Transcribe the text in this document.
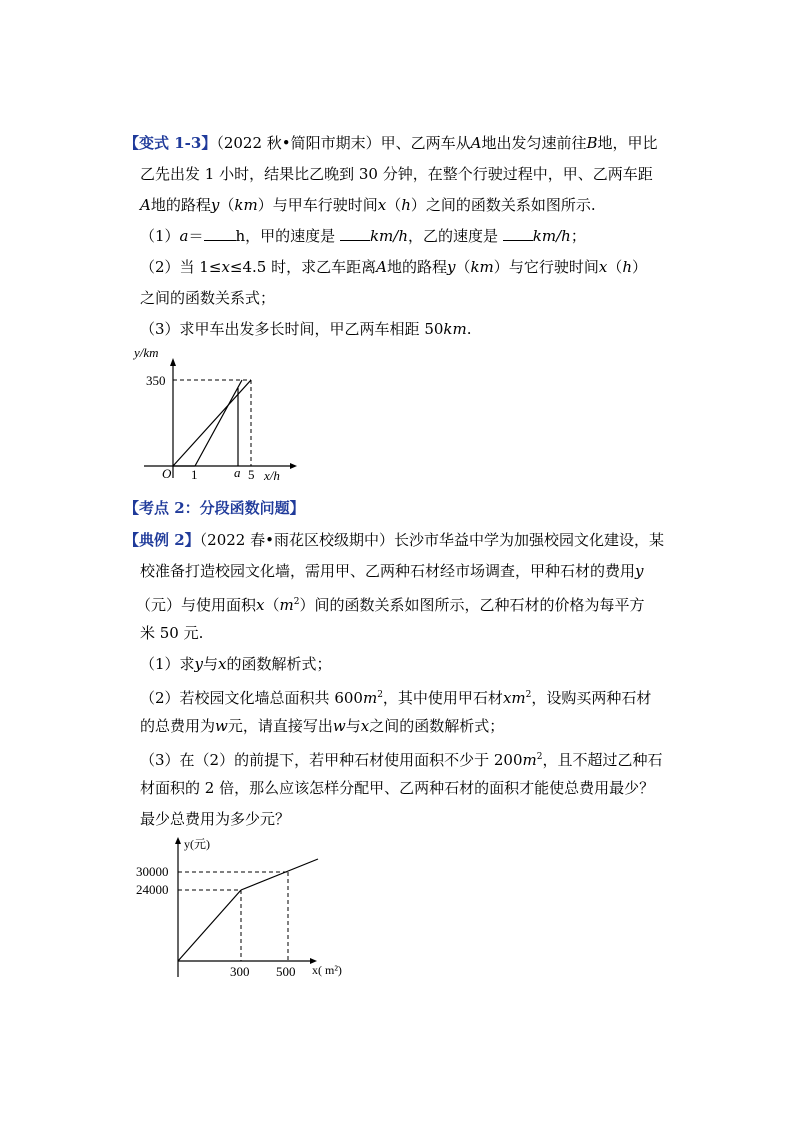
【变式 1-3】（2022 秋•简阳市期末）甲、乙两车从A地出发匀速前往B地，甲比
乙先出发 1 小时，结果比乙晚到 30 分钟，在整个行驶过程中，甲、乙两车距
A地的路程y（km）与甲车行驶时间x（h）之间的函数关系如图所示.
（1）a＝ h，甲的速度是 km/h，乙的速度是 km/h；
（2）当 1≤x≤4.5 时，求乙车距离A地的路程y（km）与它行驶时间x（h）
之间的函数关系式；
（3）求甲车出发多长时间，甲乙两车相距 50km.
y/km
350
O 1	a 5 x/h
【考点 2：分段函数问题】
【典例 2】（2022 春•雨花区校级期中）长沙市华益中学为加强校园文化建设，某
校准备打造校园文化墙，需用甲、乙两种石材经市场调查，甲种石材的费用y
（元）与使用面积$x(m^2)$间的函数关系如图所示，乙种石材的价格为每平方
米 50 元.
（1）求y与x的函数解析式；
（2）若校园文化墙总面积共 $600m^2$，其中使用甲石材$xm^2$，设购买两种石材
的总费用为w元，请直接写出w与x之间的函数解析式；
（3）在（2）的前提下，若甲种石材使用面积不少于 $200m^2$，且不超过乙种石
材面积的 2 倍，那么应该怎样分配甲、乙两种石材的面积才能使总费用最少？
最少总费用为多少元？
y(元)
30000
24000
300 500 x( m²)
